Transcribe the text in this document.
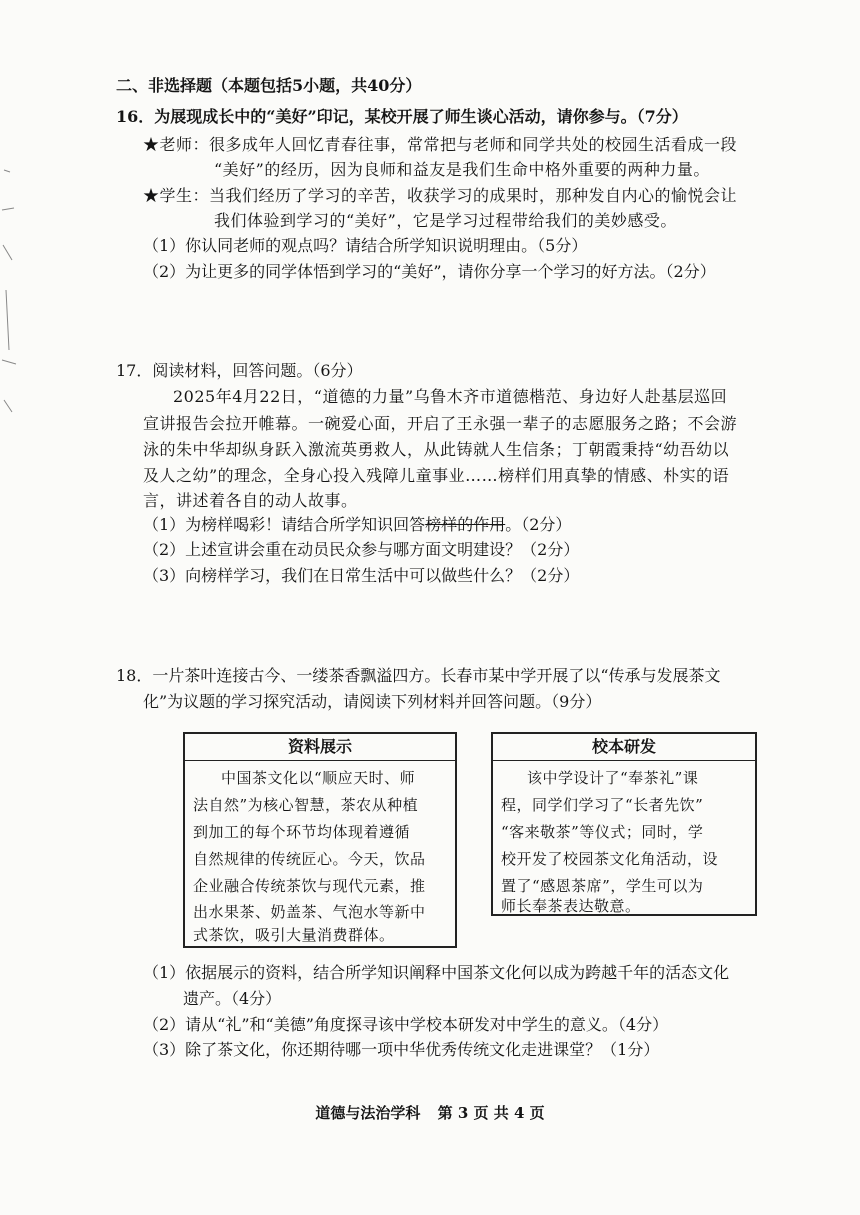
二、非选择题（本题包括5小题，共40分）
16．为展现成长中的“美好”印记，某校开展了师生谈心活动，请你参与。（7分）
★老师：很多成年人回忆青春往事，常常把与老师和同学共处的校园生活看成一段
“美好”的经历，因为良师和益友是我们生命中格外重要的两种力量。
★学生：当我们经历了学习的辛苦，收获学习的成果时，那种发自内心的愉悦会让
我们体验到学习的“美好”，它是学习过程带给我们的美妙感受。
（1）你认同老师的观点吗？请结合所学知识说明理由。（5分）
（2）为让更多的同学体悟到学习的“美好”，请你分享一个学习的好方法。（2分）
17．阅读材料，回答问题。（6分）
2025年4月22日，“道德的力量”乌鲁木齐市道德楷范、身边好人赴基层巡回
宣讲报告会拉开帷幕。一碗爱心面，开启了王永强一辈子的志愿服务之路；不会游
泳的朱中华却纵身跃入激流英勇救人，从此铸就人生信条；丁朝霞秉持“幼吾幼以
及人之幼”的理念，全身心投入残障儿童事业……榜样们用真挚的情感、朴实的语
言，讲述着各自的动人故事。
（1）为榜样喝彩！请结合所学知识回答榜样的作用。（2分）
（2）上述宣讲会重在动员民众参与哪方面文明建设？（2分）
（3）向榜样学习，我们在日常生活中可以做些什么？（2分）
18．一片茶叶连接古今、一缕茶香飘溢四方。长春市某中学开展了以“传承与发展茶文
化”为议题的学习探究活动，请阅读下列材料并回答问题。（9分）
资料展示
中国茶文化以“顺应天时、师
法自然”为核心智慧，茶农从种植
到加工的每个环节均体现着遵循
自然规律的传统匠心。今天，饮品
企业融合传统茶饮与现代元素，推
出水果茶、奶盖茶、气泡水等新中
式茶饮，吸引大量消费群体。
校本研发
该中学设计了“奉茶礼”课
程，同学们学习了“长者先饮”
“客来敬茶”等仪式；同时，学
校开发了校园茶文化角活动，设
置了“感恩茶席”，学生可以为
师长奉茶表达敬意。
（1）依据展示的资料，结合所学知识阐释中国茶文化何以成为跨越千年的活态文化
遗产。（4分）
（2）请从“礼”和“美德”角度探寻该中学校本研发对中学生的意义。（4分）
（3）除了茶文化，你还期待哪一项中华优秀传统文化走进课堂？（1分）
道德与法治学科 第 3 页 共 4 页
